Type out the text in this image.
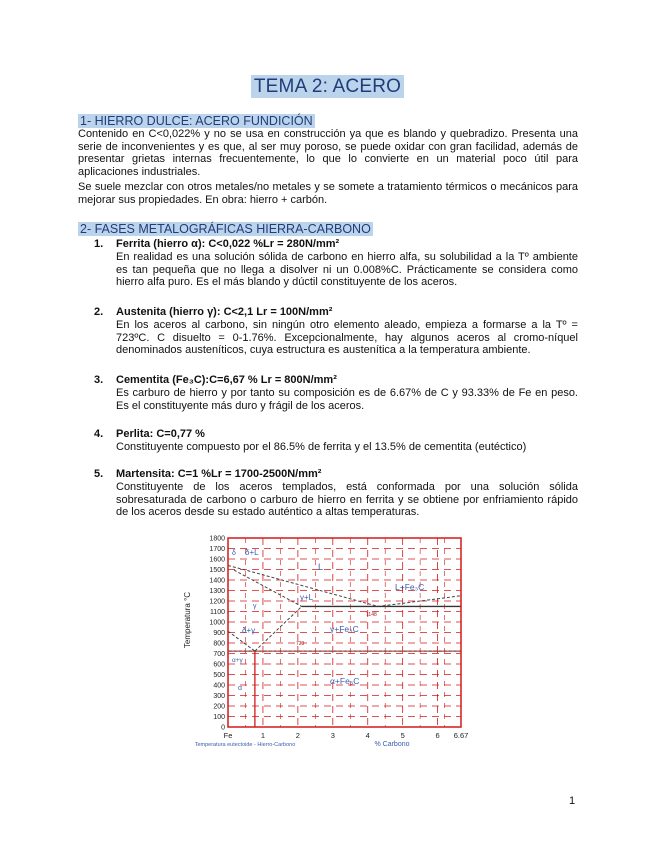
TEMA 2: ACERO
1- HIERRO DULCE: ACERO FUNDICIÓN
Contenido en C<0,022% y no se usa en construcción ya que es blando y quebradizo. Presenta una serie de inconvenientes y es que, al ser muy poroso, se puede oxidar con gran facilidad, además de presentar grietas internas frecuentemente, lo que lo convierte en un material poco útil para aplicaciones industriales.
Se suele mezclar con otros metales/no metales y se somete a tratamiento térmicos o mecánicos para mejorar sus propiedades. En obra: hierro + carbón.
2- FASES METALOGRÁFICAS HIERRA-CARBONO
1. Ferrita (hierro α): C<0,022 %Lr = 280N/mm²
En realidad es una solución sólida de carbono en hierro alfa, su solubilidad a la Tº ambiente es tan pequeña que no llega a disolver ni un 0.008%C. Prácticamente se considera como hierro alfa puro. Es el más blando y dúctil constituyente de los aceros.
2. Austenita (hierro γ): C<2,1 Lr = 100N/mm²
En los aceros al carbono, sin ningún otro elemento aleado, empieza a formarse a la Tº = 723ºC. C disuelto = 0-1.76%. Excepcionalmente, hay algunos aceros al cromo-níquel denominados austeníticos, cuya estructura es austenítica a la temperatura ambiente.
3. Cementita (Fe₃C):C=6,67 % Lr = 800N/mm²
Es carburo de hierro y por tanto su composición es de 6.67% de C y 93.33% de Fe en peso. Es el constituyente más duro y frágil de los aceros.
4. Perlita: C=0,77 %
Constituyente compuesto por el 86.5% de ferrita y el 13.5% de cementita (eutéctico)
5. Martensita: C=1 %Lr = 1700-2500N/mm²
Constituyente de los aceros templados, está conformada por una solución sólida sobresaturada de carbono o carburo de hierro en ferrita y se obtiene por enfriamiento rápido de los aceros desde su estado auténtico a altas temperaturas.
0
100
200
300
400
500
600
700
800
900
1000
1100
1200
1300
1400
1500
1600
1700
1800
Fe	1	2	3	4	5	6 6.67
δ δ+L
L
L+Fe₃C
γ+L
γ
δ+γ
α+γ
γ+Fe₃C
α
α+Fe₃C
723
1148
Temperatura °C
% Carbono
Temperatura eutectoide - Hierro-Carbono
1
